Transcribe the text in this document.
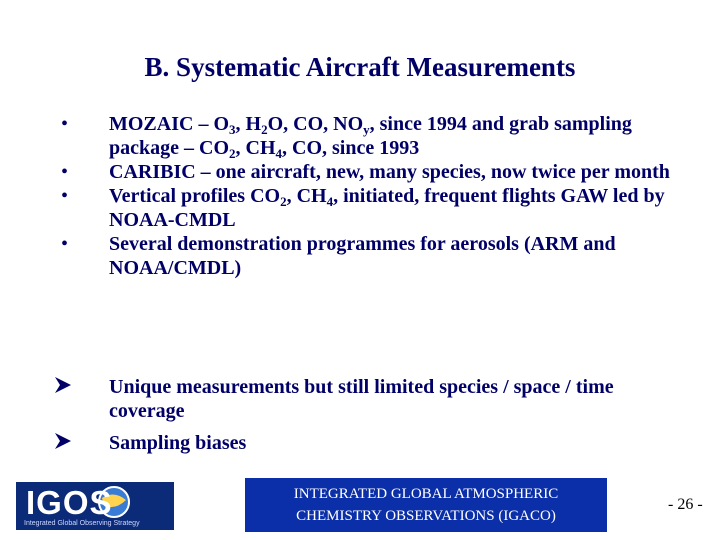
B. Systematic Aircraft Measurements
• MOZAIC – $O_3$, $H_2O$, CO, $NO_y$, since 1994 and grab sampling package – $CO_2$, $CH_4$, CO, since 1993
• CARIBIC – one aircraft, new, many species, now twice per month
• Vertical profiles $CO_2$, $CH_4$, initiated, frequent flights GAW led by NOAA-CMDL
• Several demonstration programmes for aerosols (ARM and NOAA/CMDL)
Unique measurements but still limited species / space / time coverage
Sampling biases
IGOS
Integrated Global Observing Strategy
INTEGRATED GLOBAL ATMOSPHERIC
CHEMISTRY OBSERVATIONS (IGACO)
- 26 -
